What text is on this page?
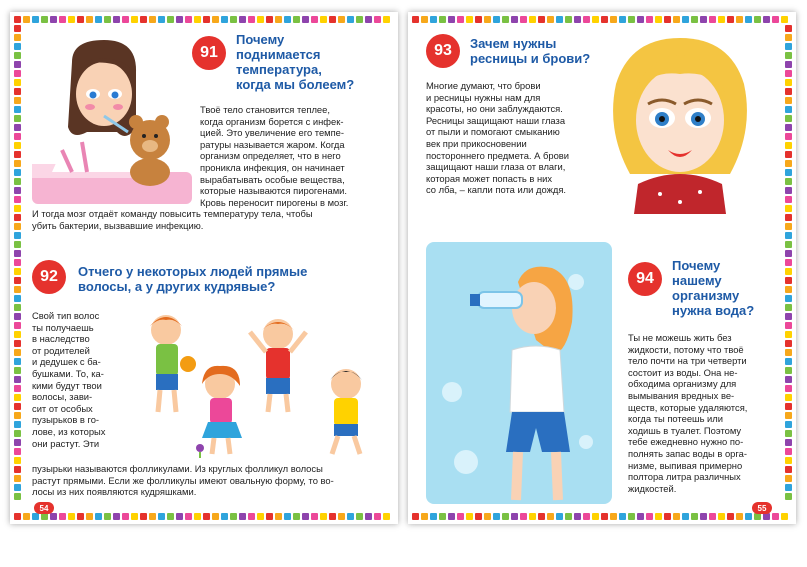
91
Почему
поднимается
температура,
когда мы болеем?
Твоё тело становится теплее,
когда организм борется с инфек-
цией. Это увеличение его темпе-
ратуры называется жаром. Когда
организм определяет, что в него
проникла инфекция, он начинает
вырабатывать особые вещества,
которые называются пирогенами.
Кровь переносит пирогены в мозг.
И тогда мозг отдаёт команду повысить температуру тела, чтобы
убить бактерии, вызвавшие инфекцию.
92	Отчего у некоторых людей прямые
волосы, а у других кудрявые?
Свой тип волос
ты получаешь
в наследство
от родителей
и дедушек с ба-
бушками. То, ка-
кими будут твои
волосы, зави-
сит от особых
пузырьков в го-
лове, из которых
они растут. Эти
пузырьки называются фолликулами. Из круглых фолликул волосы
растут прямыми. Если же фолликулы имеют овальную форму, то во-
лосы из них появляются кудряшками.
54
93	Зачем нужны
ресницы и брови?
Многие думают, что брови
и ресницы нужны нам для
красоты, но они заблуждаются.
Ресницы защищают наши глаза
от пыли и помогают смыканию
век при прикосновении
постороннего предмета. А брови
защищают наши глаза от влаги,
которая может попасть в них
со лба, – капли пота или дождя.
94
Почему
нашему
организму
нужна вода?
Ты не можешь жить без
жидкости, потому что твоё
тело почти на три четверти
состоит из воды. Она не-
обходима организму для
вымывания вредных ве-
ществ, которые удаляются,
когда ты потеешь или
ходишь в туалет. Поэтому
тебе ежедневно нужно по-
полнять запас воды в орга-
низме, выпивая примерно
полтора литра различных
жидкостей.
55
